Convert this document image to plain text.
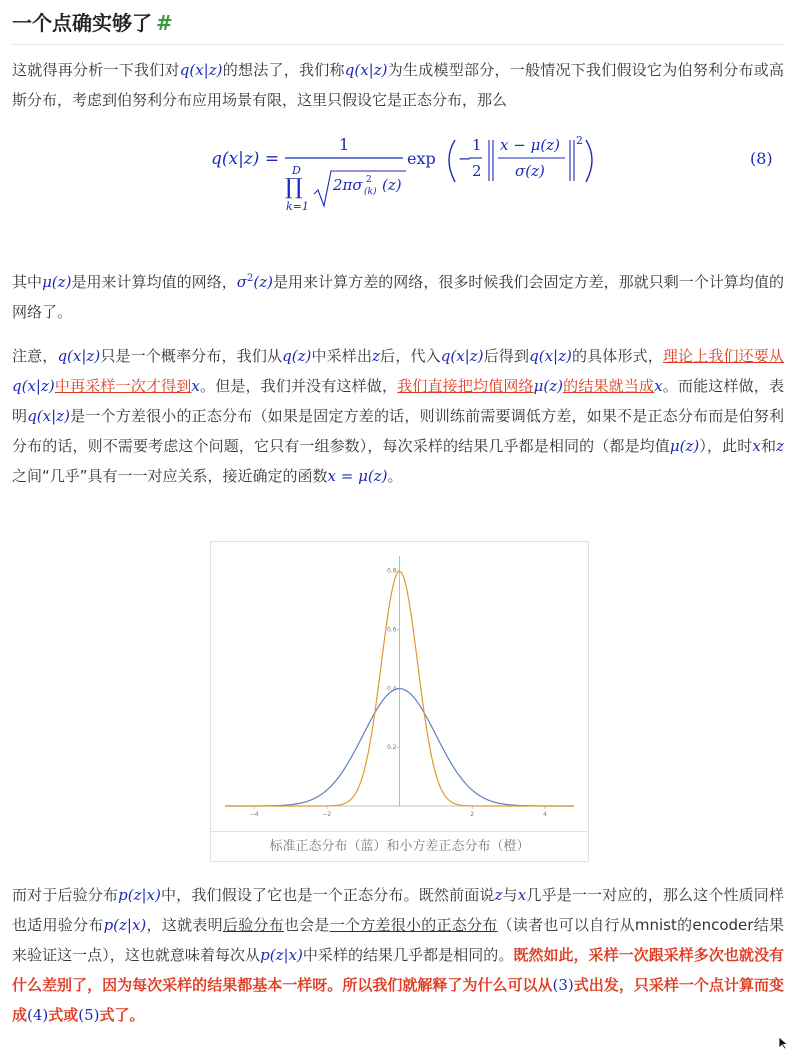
一个点确实够了 #

这就得再分析一下我们对q(x|z)的想法了，我们称q(x|z)为生成模型部分，一般情况下我们假设它为伯努利分布或高斯分布，考虑到伯努利分布应用场景有限，这里只假设它是正态分布，那么

q(x|z) =
1
D
∏
k=1
2πσ 2
(k) (z)
exp −
1
2
x − μ(z)
σ(z)
2
(8)

其中μ(z)是用来计算均值的网络，$\sigma^2(z)$是用来计算方差的网络，很多时候我们会固定方差，那就只剩一个计算均值的网络了。

注意，q(x|z)只是一个概率分布，我们从q(z)中采样出z后，代入q(x|z)后得到q(x|z)的具体形式，理论上我们还要从q(x|z)中再采样一次才得到x。但是，我们并没有这样做，我们直接把均值网络μ(z)的结果就当成x。而能这样做，表明q(x|z)是一个方差很小的正态分布（如果是固定方差的话，则训练前需要调低方差，如果不是正态分布而是伯努利分布的话，则不需要考虑这个问题，它只有一组参数），每次采样的结果几乎都是相同的（都是均值μ(z)），此时x和z之间“几乎”具有一一对应关系，接近确定的函数x = μ(z)。

−4	−2	2	4
0.2
0.4
0.6
0.8
标准正态分布（蓝）和小方差正态分布（橙）

而对于后验分布p(z|x)中，我们假设了它也是一个正态分布。既然前面说z与x几乎是一一对应的，那么这个性质同样也适用验分布p(z|x)，这就表明后验分布也会是一个方差很小的正态分布（读者也可以自行从mnist的encoder结果来验证这一点），这也就意味着每次从p(z|x)中采样的结果几乎都是相同的。既然如此，采样一次跟采样多次也就没有什么差别了，因为每次采样的结果都基本一样呀。所以我们就解释了为什么可以从(3)式出发，只采样一个点计算而变成(4)式或(5)式了。
